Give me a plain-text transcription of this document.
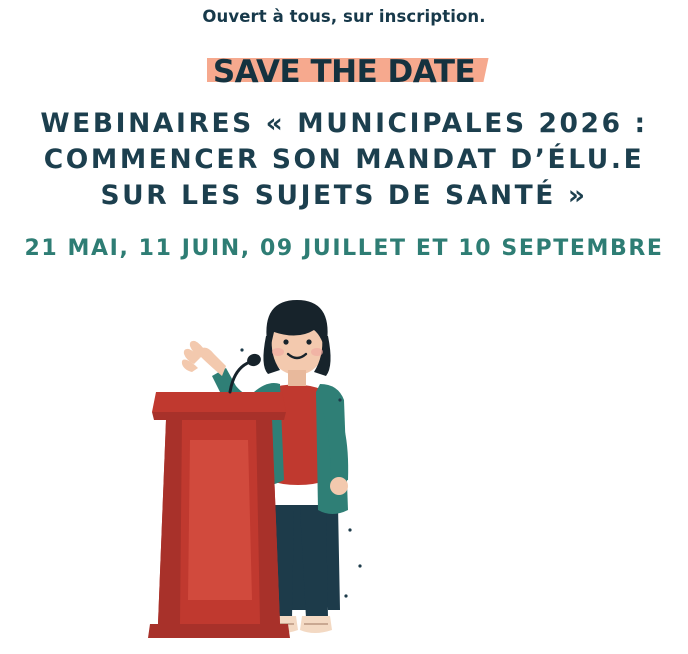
Ouvert à tous, sur inscription.
SAVE THE DATE
WEBINAIRES « MUNICIPALES 2026 :
COMMENCER SON MANDAT D’ÉLU.E
SUR LES SUJETS DE SANTÉ »
21 MAI, 11 JUIN, 09 JUILLET ET 10 SEPTEMBRE
